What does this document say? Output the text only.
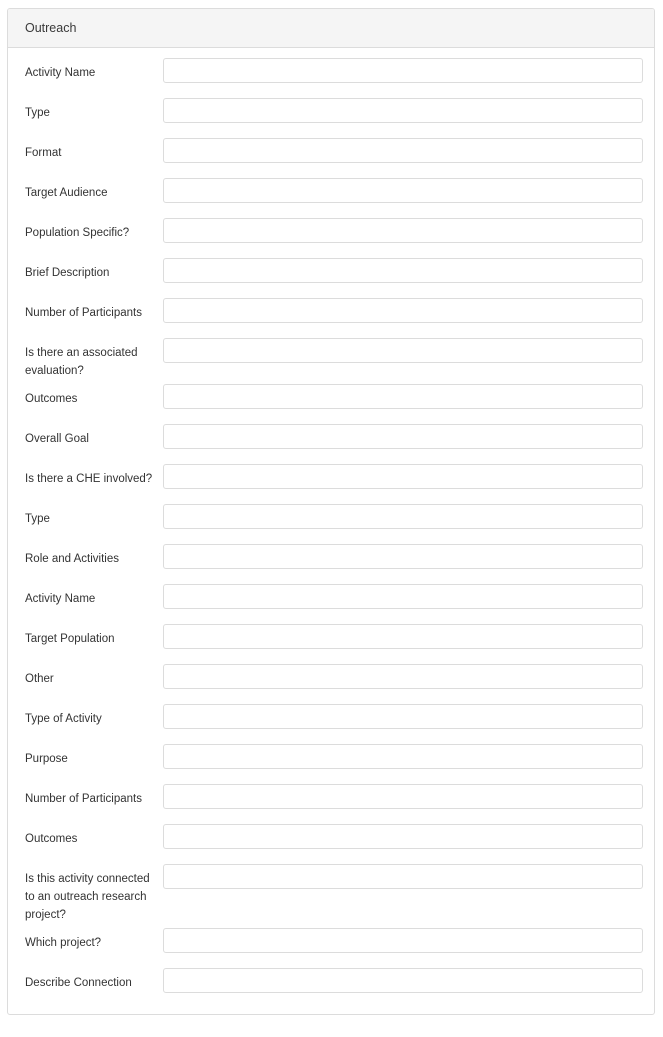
Outreach
Activity Name
Type
Format
Target Audience
Population Specific?
Brief Description
Number of Participants
Is there an associated evaluation?
Outcomes
Overall Goal
Is there a CHE involved?
Type
Role and Activities
Activity Name
Target Population
Other
Type of Activity
Purpose
Number of Participants
Outcomes
Is this activity connected to an outreach research project?
Which project?
Describe Connection
